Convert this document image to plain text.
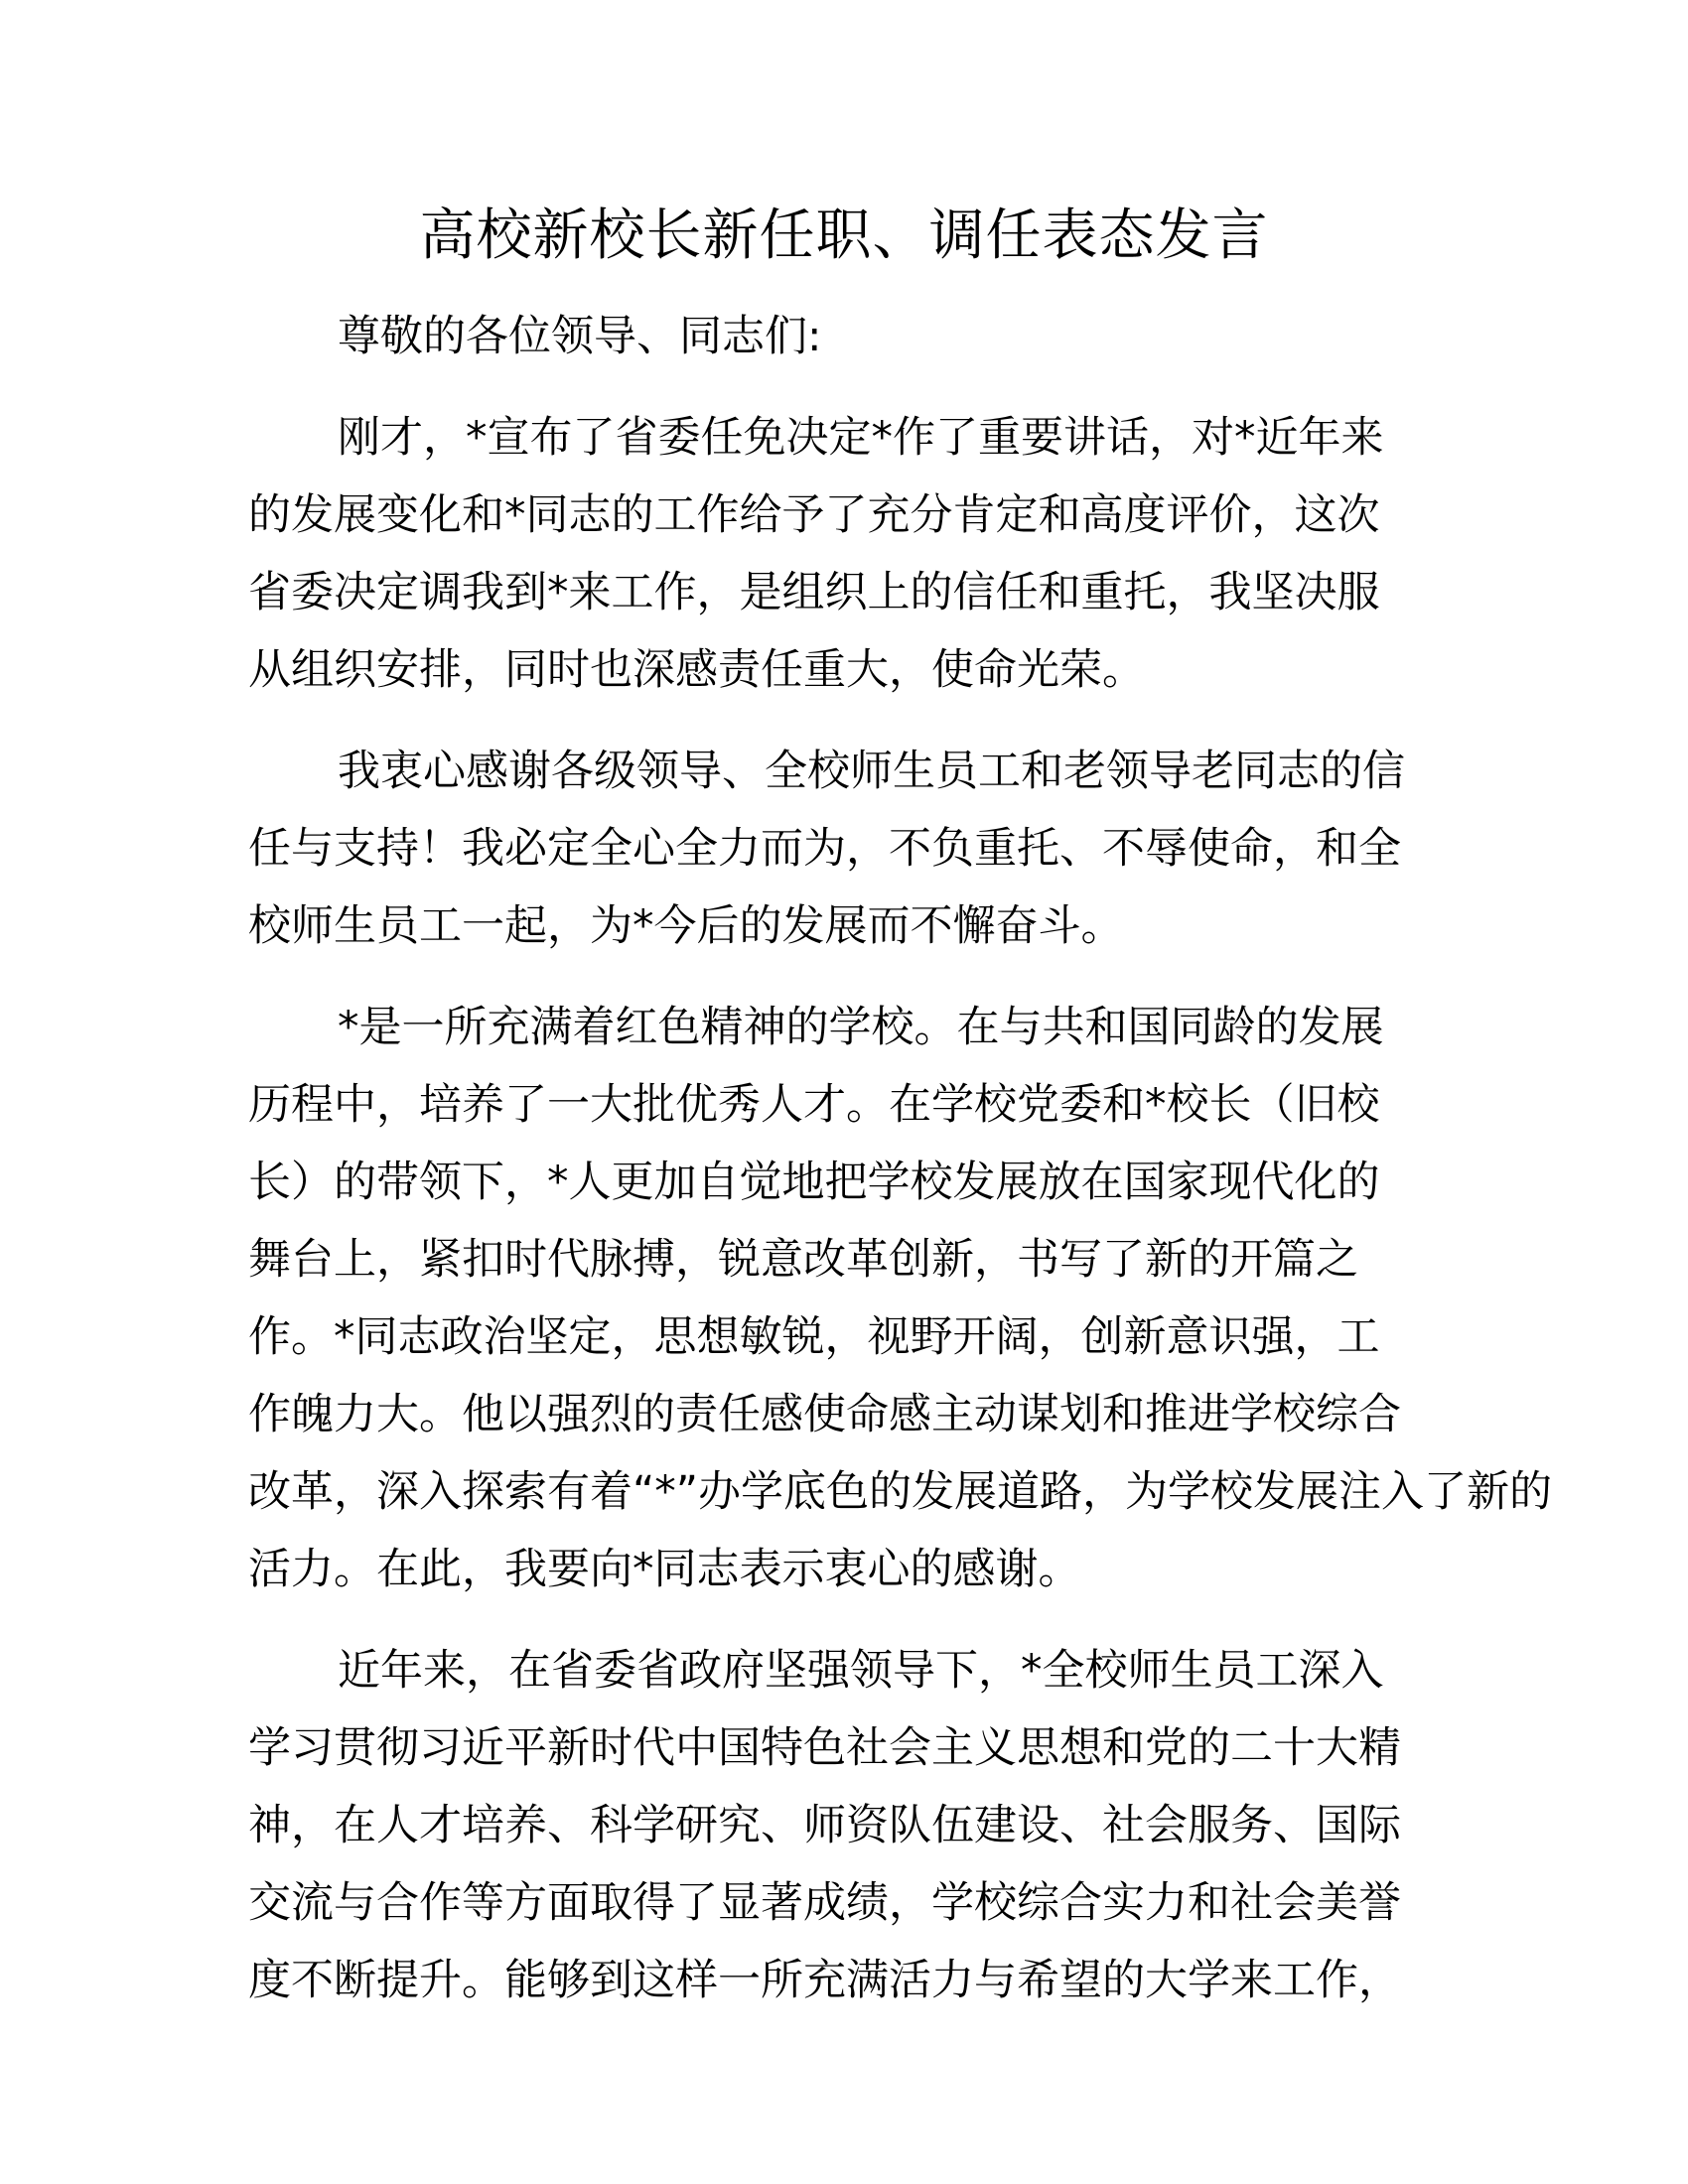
高校新校长新任职、调任表态发言

尊敬的各位领导、同志们:

刚才，*宣布了省委任免决定*作了重要讲话，对*近年来
的发展变化和*同志的工作给予了充分肯定和高度评价，这次
省委决定调我到*来工作，是组织上的信任和重托，我坚决服
从组织安排，同时也深感责任重大，使命光荣。

我衷心感谢各级领导、全校师生员工和老领导老同志的信
任与支持！我必定全心全力而为，不负重托、不辱使命，和全
校师生员工一起，为*今后的发展而不懈奋斗。

*是一所充满着红色精神的学校。在与共和国同龄的发展
历程中，培养了一大批优秀人才。在学校党委和*校长（旧校
长）的带领下，*人更加自觉地把学校发展放在国家现代化的
舞台上，紧扣时代脉搏，锐意改革创新，书写了新的开篇之
作。*同志政治坚定，思想敏锐，视野开阔，创新意识强，工
作魄力大。他以强烈的责任感使命感主动谋划和推进学校综合
改革，深入探索有着“*”办学底色的发展道路，为学校发展注入了新的
活力。在此，我要向*同志表示衷心的感谢。

近年来，在省委省政府坚强领导下，*全校师生员工深入
学习贯彻习近平新时代中国特色社会主义思想和党的二十大精
神，在人才培养、科学研究、师资队伍建设、社会服务、国际
交流与合作等方面取得了显著成绩，学校综合实力和社会美誉
度不断提升。能够到这样一所充满活力与希望的大学来工作，
